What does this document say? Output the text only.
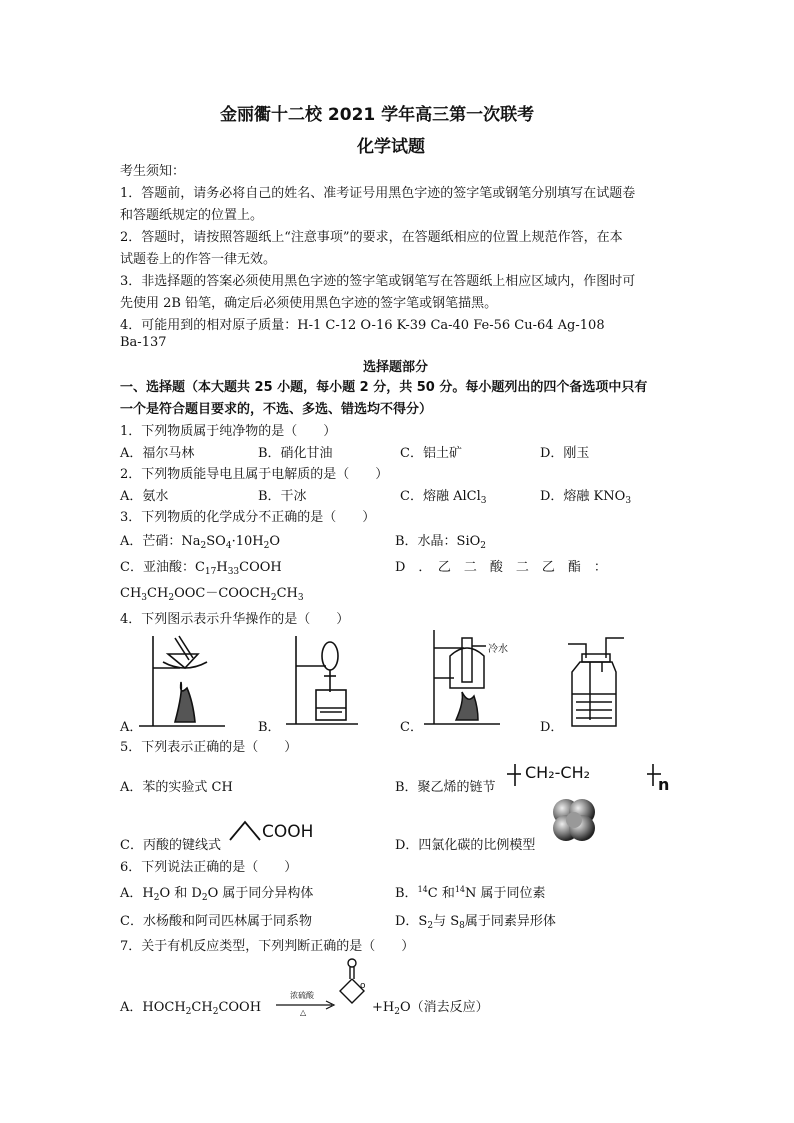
金丽衢十二校 2021 学年高三第一次联考
化学试题
考生须知：
1．答题前，请务必将自己的姓名、准考证号用黑色字迹的签字笔或钢笔分别填写在试题卷
和答题纸规定的位置上。
2．答题时，请按照答题纸上“注意事项”的要求，在答题纸相应的位置上规范作答，在本
试题卷上的作答一律无效。
3．非选择题的答案必须使用黑色字迹的签字笔或钢笔写在答题纸上相应区域内，作图时可
先使用 2B 铅笔，确定后必须使用黑色字迹的签字笔或钢笔描黑。
4．可能用到的相对原子质量：H-1 C-12 O-16 K-39 Ca-40 Fe-56 Cu-64 Ag-108
Ba-137
选择题部分
一、选择题（本大题共 25 小题，每小题 2 分，共 50 分。每小题列出的四个备选项中只有
一个是符合题目要求的，不选、多选、错选均不得分）
1．下列物质属于纯净物的是（　　）
A．福尔马林	B．硝化甘油	C．铝土矿	D．刚玉
2．下列物质能导电且属于电解质的是（　　）
A．氨水	B．干冰	C．熔融 AlCl$_3$	D．熔融 $KNO_3$
3．下列物质的化学成分不正确的是（　　）
A．芒硝：$Na_2SO_4\cdot 10H_2O$	B．水晶：SiO$_2$
C．亚油酸：$C_{17}H_{33}COOH$	D　．　乙　二　酸　二　乙　酯　：
$CH_3CH_2OOC-COOCH_2CH_3$
4．下列图示表示升华操作的是（　　）
A．	B．
冷水
C．	D．
5．下列表示正确的是（　　）
A．苯的实验式 CH	B．聚乙烯的链节
CH₂-CH₂
n
C．丙酸的键线式
COOH
D．四氯化碳的比例模型
6．下列说法正确的是（　　）
A．$H_2O$ 和 $D_2O$ 属于同分异构体	B．$^{14}$C 和$^{14}$N 属于同位素
C．水杨酸和阿司匹林属于同系物	D．$S_2$与 $S_8$属于同素异形体
7．关于有机反应类型，下列判断正确的是（　　）
A．$HOCH_2CH_2COOH$
浓硫酸
△
o
$+H_2O$（消去反应）
